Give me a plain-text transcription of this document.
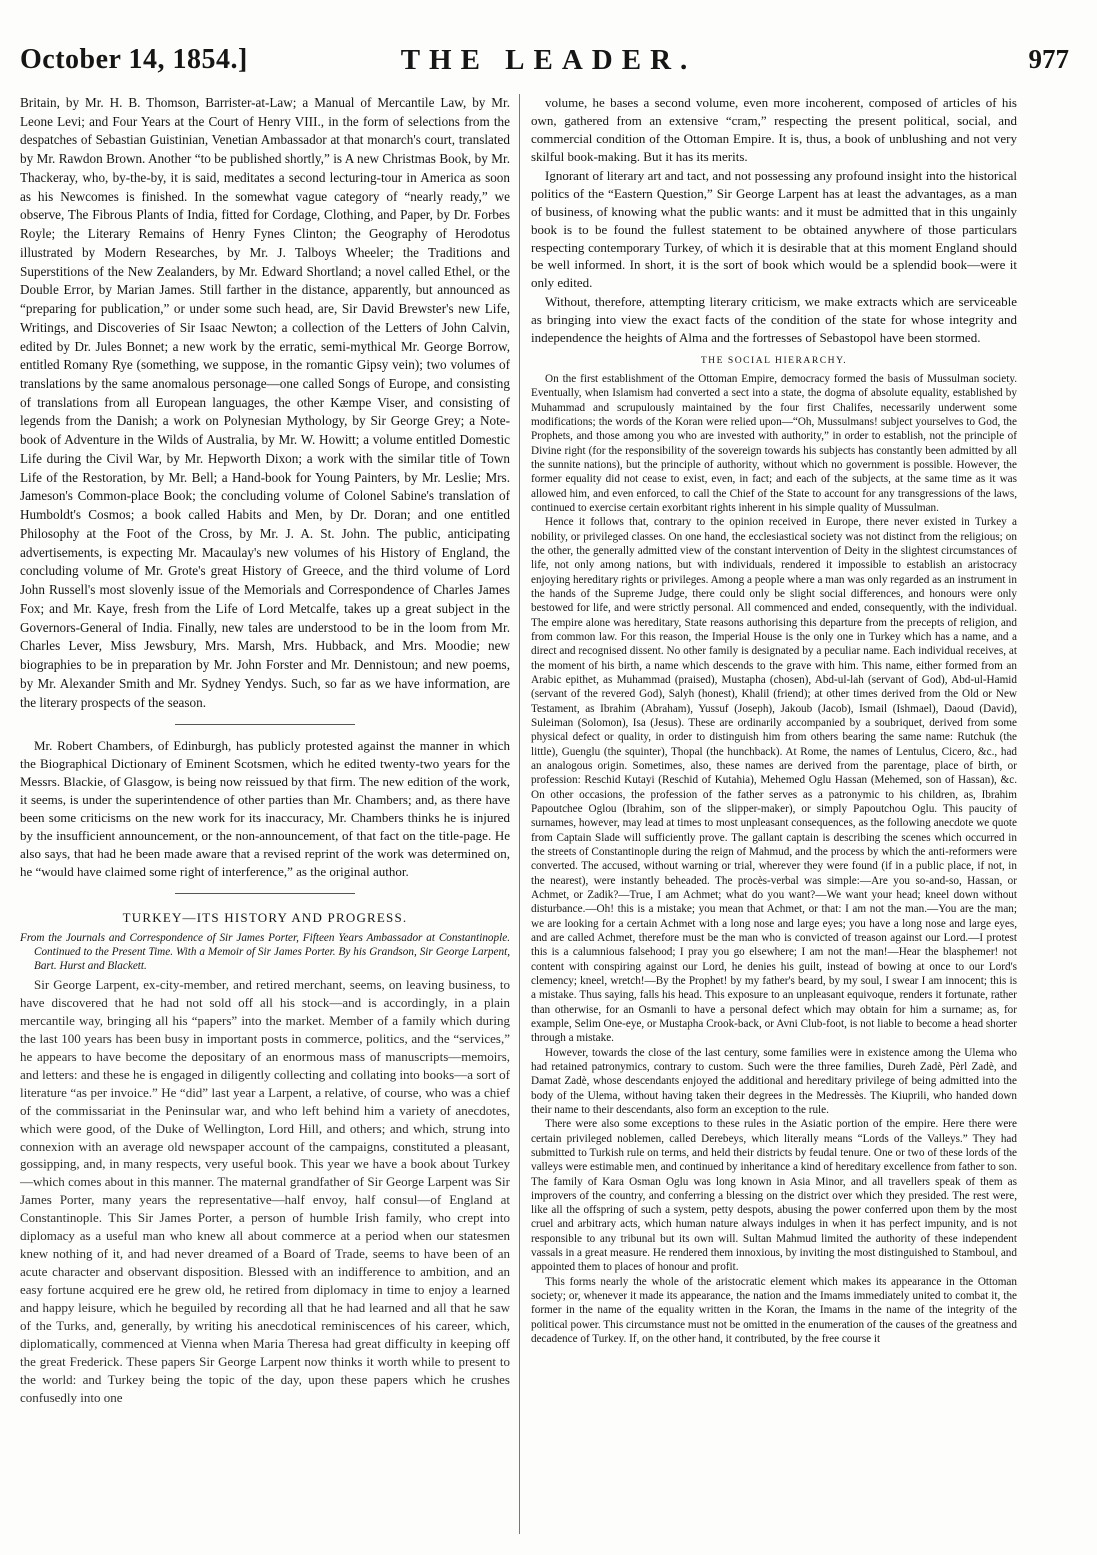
October 14, 1854.]	THE LEADER.	977

Britain, by Mr. H. B. Thomson, Barrister-at-Law; a Manual of Mercantile Law, by Mr. Leone Levi; and Four Years at the Court of Henry VIII., in the form of selections from the despatches of Sebastian Guistinian, Venetian Ambassador at that monarch's court, translated by Mr. Rawdon Brown. Another “to be published shortly,” is A new Christmas Book, by Mr. Thackeray, who, by-the-by, it is said, meditates a second lecturing-tour in America as soon as his Newcomes is finished. In the somewhat vague category of “nearly ready,” we observe, The Fibrous Plants of India, fitted for Cordage, Clothing, and Paper, by Dr. Forbes Royle; the Literary Remains of Henry Fynes Clinton; the Geography of Herodotus illustrated by Modern Researches, by Mr. J. Talboys Wheeler; the Traditions and Superstitions of the New Zealanders, by Mr. Edward Shortland; a novel called Ethel, or the Double Error, by Marian James. Still farther in the distance, apparently, but announced as “preparing for publication,” or under some such head, are, Sir David Brewster's new Life, Writings, and Discoveries of Sir Isaac Newton; a collection of the Letters of John Calvin, edited by Dr. Jules Bonnet; a new work by the erratic, semi-mythical Mr. George Borrow, entitled Romany Rye (something, we suppose, in the romantic Gipsy vein); two volumes of translations by the same anomalous personage—one called Songs of Europe, and consisting of translations from all European languages, the other Kæmpe Viser, and consisting of legends from the Danish; a work on Polynesian Mythology, by Sir George Grey; a Note-book of Adventure in the Wilds of Australia, by Mr. W. Howitt; a volume entitled Domestic Life during the Civil War, by Mr. Hepworth Dixon; a work with the similar title of Town Life of the Restoration, by Mr. Bell; a Hand-book for Young Painters, by Mr. Leslie; Mrs. Jameson's Common-place Book; the concluding volume of Colonel Sabine's translation of Humboldt's Cosmos; a book called Habits and Men, by Dr. Doran; and one entitled Philosophy at the Foot of the Cross, by Mr. J. A. St. John. The public, anticipating advertisements, is expecting Mr. Macaulay's new volumes of his History of England, the concluding volume of Mr. Grote's great History of Greece, and the third volume of Lord John Russell's most slovenly issue of the Memorials and Correspondence of Charles James Fox; and Mr. Kaye, fresh from the Life of Lord Metcalfe, takes up a great subject in the Governors-General of India. Finally, new tales are understood to be in the loom from Mr. Charles Lever, Miss Jewsbury, Mrs. Marsh, Mrs. Hubback, and Mrs. Moodie; new biographies to be in preparation by Mr. John Forster and Mr. Dennistoun; and new poems, by Mr. Alexander Smith and Mr. Sydney Yendys. Such, so far as we have information, are the literary prospects of the season.

Mr. Robert Chambers, of Edinburgh, has publicly protested against the manner in which the Biographical Dictionary of Eminent Scotsmen, which he edited twenty-two years for the Messrs. Blackie, of Glasgow, is being now reissued by that firm. The new edition of the work, it seems, is under the superintendence of other parties than Mr. Chambers; and, as there have been some criticisms on the new work for its inaccuracy, Mr. Chambers thinks he is injured by the insufficient announcement, or the non-announcement, of that fact on the title-page. He also says, that had he been made aware that a revised reprint of the work was determined on, he “would have claimed some right of interference,” as the original author.

TURKEY—ITS HISTORY AND PROGRESS.

From the Journals and Correspondence of Sir James Porter, Fifteen Years Ambassador at Constantinople. Continued to the Present Time. With a Memoir of Sir James Porter. By his Grandson, Sir George Larpent, Bart. Hurst and Blackett.

Sir George Larpent, ex-city-member, and retired merchant, seems, on leaving business, to have discovered that he had not sold off all his stock—and is accordingly, in a plain mercantile way, bringing all his “papers” into the market. Member of a family which during the last 100 years has been busy in important posts in commerce, politics, and the “services,” he appears to have become the depositary of an enormous mass of manuscripts—memoirs, and letters: and these he is engaged in diligently collecting and collating into books—a sort of literature “as per invoice.” He “did” last year a Larpent, a relative, of course, who was a chief of the commissariat in the Peninsular war, and who left behind him a variety of anecdotes, which were good, of the Duke of Wellington, Lord Hill, and others; and which, strung into connexion with an average old newspaper account of the campaigns, constituted a pleasant, gossipping, and, in many respects, very useful book. This year we have a book about Turkey—which comes about in this manner. The maternal grandfather of Sir George Larpent was Sir James Porter, many years the representative—half envoy, half consul—of England at Constantinople. This Sir James Porter, a person of humble Irish family, who crept into diplomacy as a useful man who knew all about commerce at a period when our statesmen knew nothing of it, and had never dreamed of a Board of Trade, seems to have been of an acute character and observant disposition. Blessed with an indifference to ambition, and an easy fortune acquired ere he grew old, he retired from diplomacy in time to enjoy a learned and happy leisure, which he beguiled by recording all that he had learned and all that he saw of the Turks, and, generally, by writing his anecdotical reminiscences of his career, which, diplomatically, commenced at Vienna when Maria Theresa had great difficulty in keeping off the great Frederick. These papers Sir George Larpent now thinks it worth while to present to the world: and Turkey being the topic of the day, upon these papers which he crushes confusedly into one

volume, he bases a second volume, even more incoherent, composed of articles of his own, gathered from an extensive “cram,” respecting the present political, social, and commercial condition of the Ottoman Empire. It is, thus, a book of unblushing and not very skilful book-making. But it has its merits.

Ignorant of literary art and tact, and not possessing any profound insight into the historical politics of the “Eastern Question,” Sir George Larpent has at least the advantages, as a man of business, of knowing what the public wants: and it must be admitted that in this ungainly book is to be found the fullest statement to be obtained anywhere of those particulars respecting contemporary Turkey, of which it is desirable that at this moment England should be well informed. In short, it is the sort of book which would be a splendid book—were it only edited.

Without, therefore, attempting literary criticism, we make extracts which are serviceable as bringing into view the exact facts of the condition of the state for whose integrity and independence the heights of Alma and the fortresses of Sebastopol have been stormed.

THE SOCIAL HIERARCHY.

On the first establishment of the Ottoman Empire, democracy formed the basis of Mussulman society. Eventually, when Islamism had converted a sect into a state, the dogma of absolute equality, established by Muhammad and scrupulously maintained by the four first Chalifes, necessarily underwent some modifications; the words of the Koran were relied upon—“Oh, Mussulmans! subject yourselves to God, the Prophets, and those among you who are invested with authority,” in order to establish, not the principle of Divine right (for the responsibility of the sovereign towards his subjects has constantly been admitted by all the sunnite nations), but the principle of authority, without which no government is possible. However, the former equality did not cease to exist, even, in fact; and each of the subjects, at the same time as it was allowed him, and even enforced, to call the Chief of the State to account for any transgressions of the laws, continued to exercise certain exorbitant rights inherent in his simple quality of Mussulman.

Hence it follows that, contrary to the opinion received in Europe, there never existed in Turkey a nobility, or privileged classes. On one hand, the ecclesiastical society was not distinct from the religious; on the other, the generally admitted view of the constant intervention of Deity in the slightest circumstances of life, not only among nations, but with individuals, rendered it impossible to establish an aristocracy enjoying hereditary rights or privileges. Among a people where a man was only regarded as an instrument in the hands of the Supreme Judge, there could only be slight social differences, and honours were only bestowed for life, and were strictly personal. All commenced and ended, consequently, with the individual. The empire alone was hereditary, State reasons authorising this departure from the precepts of religion, and from common law. For this reason, the Imperial House is the only one in Turkey which has a name, and a direct and recognised dissent. No other family is designated by a peculiar name. Each individual receives, at the moment of his birth, a name which descends to the grave with him. This name, either formed from an Arabic epithet, as Muhammad (praised), Mustapha (chosen), Abd-ul-lah (servant of God), Abd-ul-Hamid (servant of the revered God), Salyh (honest), Khalil (friend); at other times derived from the Old or New Testament, as Ibrahim (Abraham), Yussuf (Joseph), Jakoub (Jacob), Ismail (Ishmael), Daoud (David), Suleiman (Solomon), Isa (Jesus). These are ordinarily accompanied by a soubriquet, derived from some physical defect or quality, in order to distinguish him from others bearing the same name: Rutchuk (the little), Guenglu (the squinter), Thopal (the hunchback). At Rome, the names of Lentulus, Cicero, &c., had an analogous origin. Sometimes, also, these names are derived from the parentage, place of birth, or profession: Reschid Kutayi (Reschid of Kutahia), Mehemed Oglu Hassan (Mehemed, son of Hassan), &c. On other occasions, the profession of the father serves as a patronymic to his children, as, Ibrahim Papoutchee Oglou (Ibrahim, son of the slipper-maker), or simply Papoutchou Oglu. This paucity of surnames, however, may lead at times to most unpleasant consequences, as the following anecdote we quote from Captain Slade will sufficiently prove. The gallant captain is describing the scenes which occurred in the streets of Constantinople during the reign of Mahmud, and the process by which the anti-reformers were converted. The accused, without warning or trial, wherever they were found (if in a public place, if not, in the nearest), were instantly beheaded. The procès-verbal was simple:—Are you so-and-so, Hassan, or Achmet, or Zadik?—True, I am Achmet; what do you want?—We want your head; kneel down without disturbance.—Oh! this is a mistake; you mean that Achmet, or that: I am not the man.—You are the man; we are looking for a certain Achmet with a long nose and large eyes; you have a long nose and large eyes, and are called Achmet, therefore must be the man who is convicted of treason against our Lord.—I protest this is a calumnious falsehood; I pray you go elsewhere; I am not the man!—Hear the blasphemer! not content with conspiring against our Lord, he denies his guilt, instead of bowing at once to our Lord's clemency; kneel, wretch!—By the Prophet! by my father's beard, by my soul, I swear I am innocent; this is a mistake. Thus saying, falls his head. This exposure to an unpleasant equivoque, renders it fortunate, rather than otherwise, for an Osmanli to have a personal defect which may obtain for him a surname; as, for example, Selim One-eye, or Mustapha Crook-back, or Avni Club-foot, is not liable to become a head shorter through a mistake.

However, towards the close of the last century, some families were in existence among the Ulema who had retained patronymics, contrary to custom. Such were the three families, Dureh Zadè, Pèrl Zadè, and Damat Zadè, whose descendants enjoyed the additional and hereditary privilege of being admitted into the body of the Ulema, without having taken their degrees in the Medressès. The Kiuprili, who handed down their name to their descendants, also form an exception to the rule.

There were also some exceptions to these rules in the Asiatic portion of the empire. Here there were certain privileged noblemen, called Derebeys, which literally means “Lords of the Valleys.” They had submitted to Turkish rule on terms, and held their districts by feudal tenure. One or two of these lords of the valleys were estimable men, and continued by inheritance a kind of hereditary excellence from father to son. The family of Kara Osman Oglu was long known in Asia Minor, and all travellers speak of them as improvers of the country, and conferring a blessing on the district over which they presided. The rest were, like all the offspring of such a system, petty despots, abusing the power conferred upon them by the most cruel and arbitrary acts, which human nature always indulges in when it has perfect impunity, and is not responsible to any tribunal but its own will. Sultan Mahmud limited the authority of these independent vassals in a great measure. He rendered them innoxious, by inviting the most distinguished to Stamboul, and appointed them to places of honour and profit.

This forms nearly the whole of the aristocratic element which makes its appearance in the Ottoman society; or, whenever it made its appearance, the nation and the Imams immediately united to combat it, the former in the name of the equality written in the Koran, the Imams in the name of the integrity of the political power. This circumstance must not be omitted in the enumeration of the causes of the greatness and decadence of Turkey. If, on the other hand, it contributed, by the free course it
